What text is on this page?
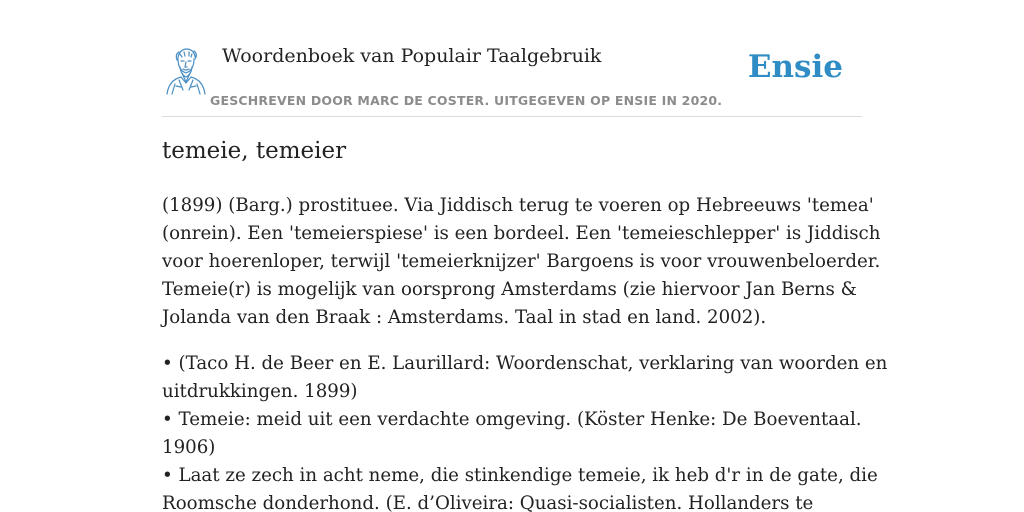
Woordenboek van Populair Taalgebruik
GESCHREVEN DOOR MARC DE COSTER. UITGEGEVEN OP ENSIE IN 2020.
Ensie
temeie, temeier

(1899) (Barg.) prostituee. Via Jiddisch terug te voeren op Hebreeuws 'temea'
(onrein). Een 'temeierspiese' is een bordeel. Een 'temeieschlepper' is Jiddisch
voor hoerenloper, terwijl 'temeierknijzer' Bargoens is voor vrouwenbeloerder.
Temeie(r) is mogelijk van oorsprong Amsterdams (zie hiervoor Jan Berns &
Jolanda van den Braak : Amsterdams. Taal in stad en land. 2002).

• (Taco H. de Beer en E. Laurillard: Woordenschat, verklaring van woorden en
uitdrukkingen. 1899)
• Temeie: meid uit een verdachte omgeving. (Köster Henke: De Boeventaal.
1906)
• Laat ze zech in acht neme, die stinkendige temeie, ik heb d'r in de gate, die
Roomsche donderhond. (E. d’Oliveira: Quasi-socialisten. Hollanders te
